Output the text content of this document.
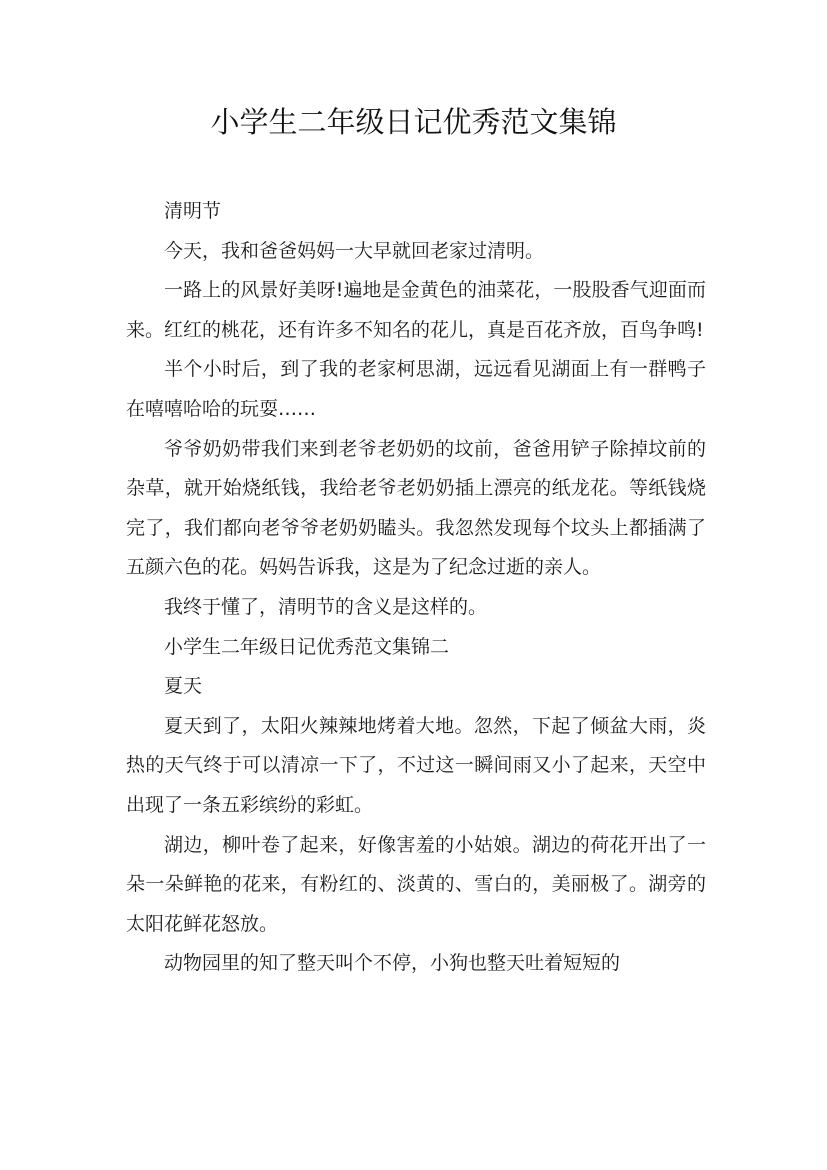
小学生二年级日记优秀范文集锦

清明节

今天，我和爸爸妈妈一大早就回老家过清明。

一路上的风景好美呀!遍地是金黄色的油菜花，一股股香气迎面而来。红红的桃花，还有许多不知名的花儿，真是百花齐放，百鸟争鸣!

半个小时后，到了我的老家柯思湖，远远看见湖面上有一群鸭子在嘻嘻哈哈的玩耍……

爷爷奶奶带我们来到老爷老奶奶的坟前，爸爸用铲子除掉坟前的杂草，就开始烧纸钱，我给老爷老奶奶插上漂亮的纸龙花。等纸钱烧完了，我们都向老爷爷老奶奶瞌头。我忽然发现每个坟头上都插满了五颜六色的花。妈妈告诉我，这是为了纪念过逝的亲人。

我终于懂了，清明节的含义是这样的。

小学生二年级日记优秀范文集锦二

夏天

夏天到了，太阳火辣辣地烤着大地。忽然，下起了倾盆大雨，炎热的天气终于可以清凉一下了，不过这一瞬间雨又小了起来，天空中出现了一条五彩缤纷的彩虹。

湖边，柳叶卷了起来，好像害羞的小姑娘。湖边的荷花开出了一朵一朵鲜艳的花来，有粉红的、淡黄的、雪白的，美丽极了。湖旁的太阳花鲜花怒放。

动物园里的知了整天叫个不停，小狗也整天吐着短短的
